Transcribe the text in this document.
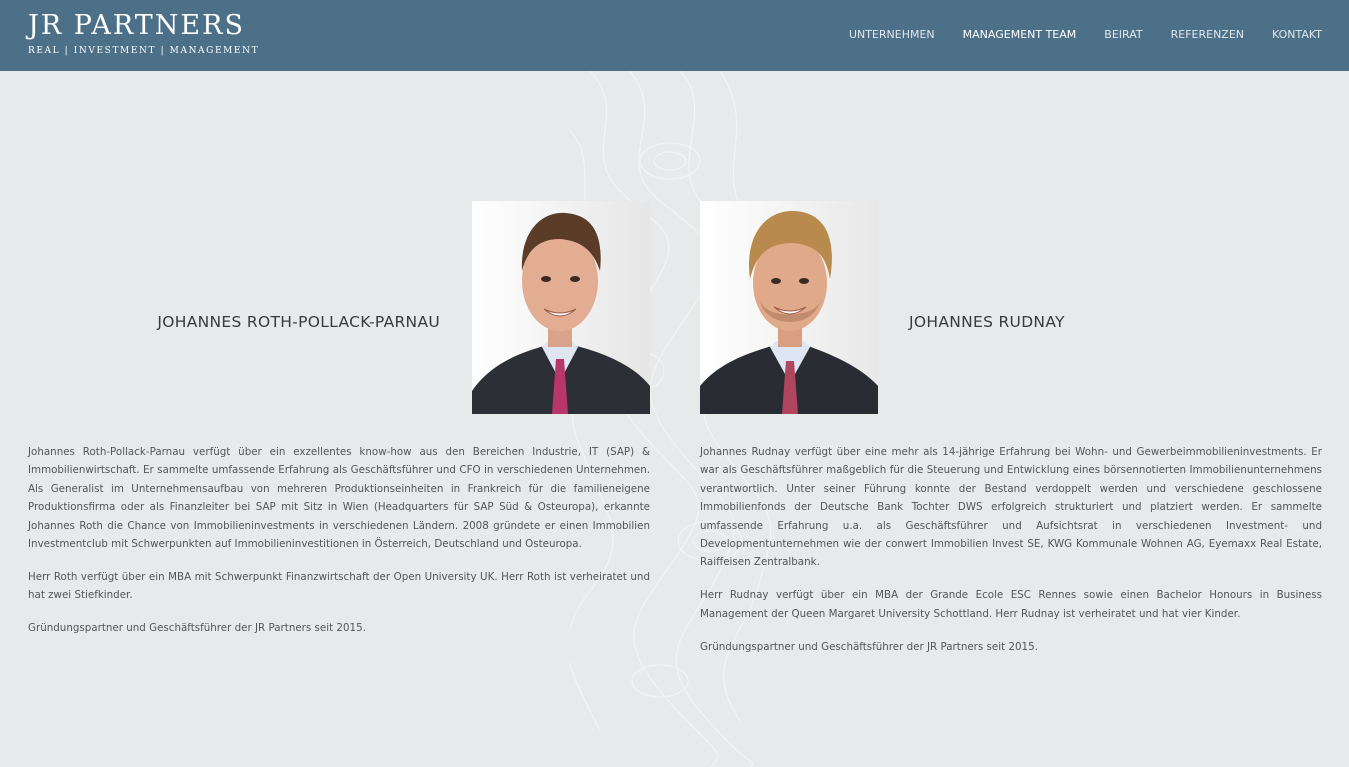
JR PARTNERS
REAL | INVESTMENT | MANAGEMENT
UNTERNEHMEN	MANAGEMENT TEAM	BEIRAT	REFERENZEN	KONTAKT
JOHANNES ROTH-POLLACK-PARNAU	JOHANNES RUDNAY

Johannes Roth-Pollack-Parnau verfügt über ein exzellentes know-how aus den Bereichen Industrie, IT (SAP) & Immobilienwirtschaft. Er sammelte umfassende Erfahrung als Geschäftsführer und CFO in verschiedenen Unternehmen. Als Generalist im Unternehmensaufbau von mehreren Produktionseinheiten in Frankreich für die familieneigene Produktionsfirma oder als Finanzleiter bei SAP mit Sitz in Wien (Headquarters für SAP Süd & Osteuropa), erkannte Johannes Roth die Chance von Immobilieninvestments in verschiedenen Ländern. 2008 gründete er einen Immobilien Investmentclub mit Schwerpunkten auf Immobilieninvestitionen in Österreich, Deutschland und Osteuropa.

Herr Roth verfügt über ein MBA mit Schwerpunkt Finanzwirtschaft der Open University UK. Herr Roth ist verheiratet und hat zwei Stiefkinder.

Gründungspartner und Geschäftsführer der JR Partners seit 2015.

Johannes Rudnay verfügt über eine mehr als 14-jährige Erfahrung bei Wohn- und Gewerbeimmobilieninvestments. Er war als Geschäftsführer maßgeblich für die Steuerung und Entwicklung eines börsennotierten Immobilienunternehmens verantwortlich. Unter seiner Führung konnte der Bestand verdoppelt werden und verschiedene geschlossene Immobilienfonds der Deutsche Bank Tochter DWS erfolgreich strukturiert und platziert werden. Er sammelte umfassende Erfahrung u.a. als Geschäftsführer und Aufsichtsrat in verschiedenen Investment- und Developmentunternehmen wie der conwert Immobilien Invest SE, KWG Kommunale Wohnen AG, Eyemaxx Real Estate, Raiffeisen Zentralbank.

Herr Rudnay verfügt über ein MBA der Grande Ecole ESC Rennes sowie einen Bachelor Honours in Business Management der Queen Margaret University Schottland. Herr Rudnay ist verheiratet und hat vier Kinder.

Gründungspartner und Geschäftsführer der JR Partners seit 2015.
